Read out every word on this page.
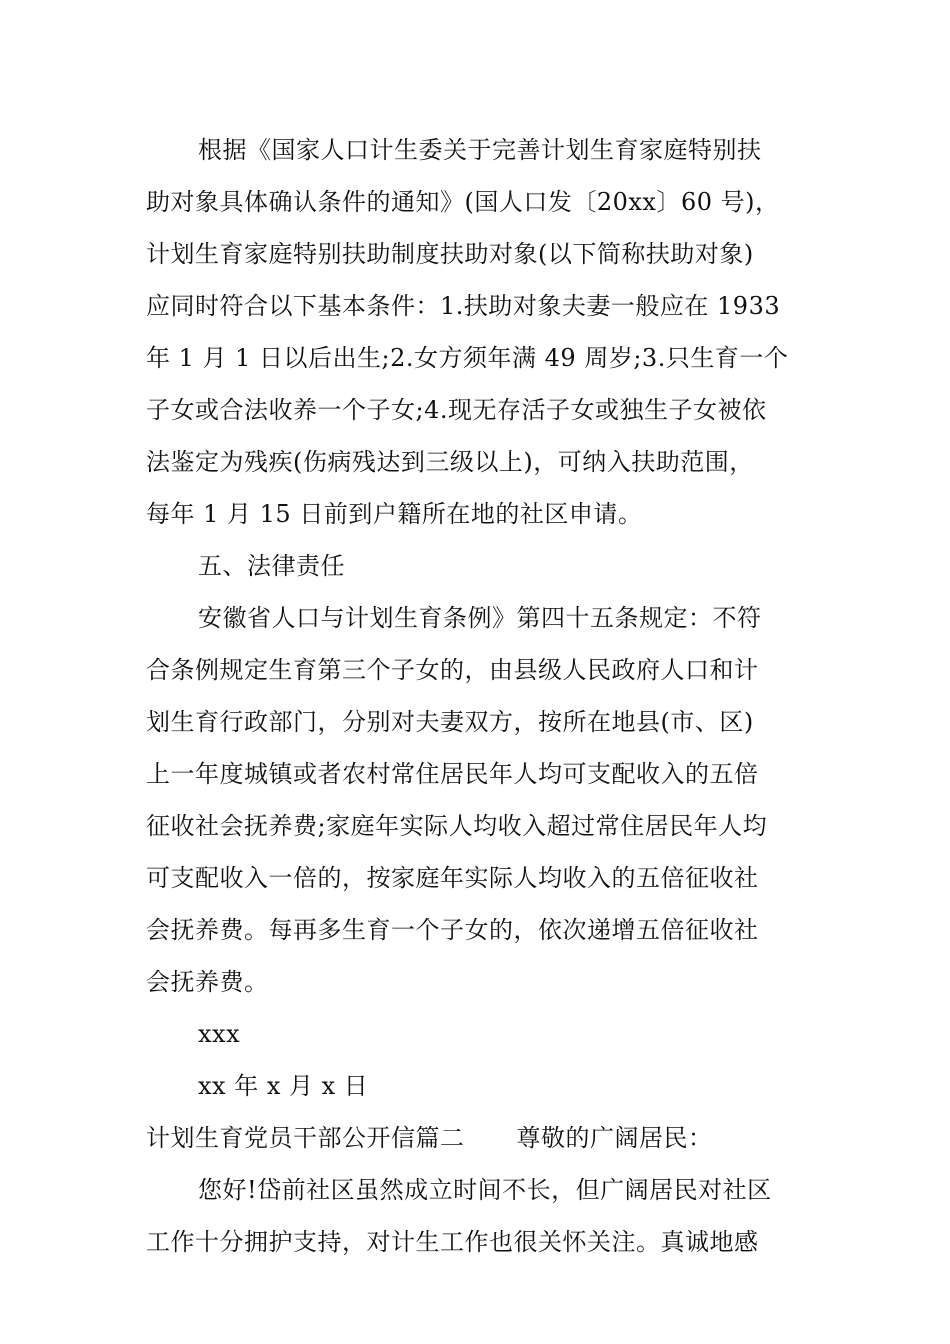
根据《国家人口计生委关于完善计划生育家庭特别扶
助对象具体确认条件的通知》(国人口发〔20xx〕60 号)，
计划生育家庭特别扶助制度扶助对象(以下简称扶助对象)
应同时符合以下基本条件：1.扶助对象夫妻一般应在 1933
年 1 月 1 日以后出生;2.女方须年满 49 周岁;3.只生育一个
子女或合法收养一个子女;4.现无存活子女或独生子女被依
法鉴定为残疾(伤病残达到三级以上)，可纳入扶助范围，
每年 1 月 15 日前到户籍所在地的社区申请。
五、法律责任
安徽省人口与计划生育条例》第四十五条规定：不符
合条例规定生育第三个子女的，由县级人民政府人口和计
划生育行政部门，分别对夫妻双方，按所在地县(市、区)
上一年度城镇或者农村常住居民年人均可支配收入的五倍
征收社会抚养费;家庭年实际人均收入超过常住居民年人均
可支配收入一倍的，按家庭年实际人均收入的五倍征收社
会抚养费。每再多生育一个子女的，依次递增五倍征收社
会抚养费。
xxx
xx 年 x 月 x 日
计划生育党员干部公开信篇二 尊敬的广阔居民：
您好!岱前社区虽然成立时间不长，但广阔居民对社区
工作十分拥护支持，对计生工作也很关怀关注。真诚地感
